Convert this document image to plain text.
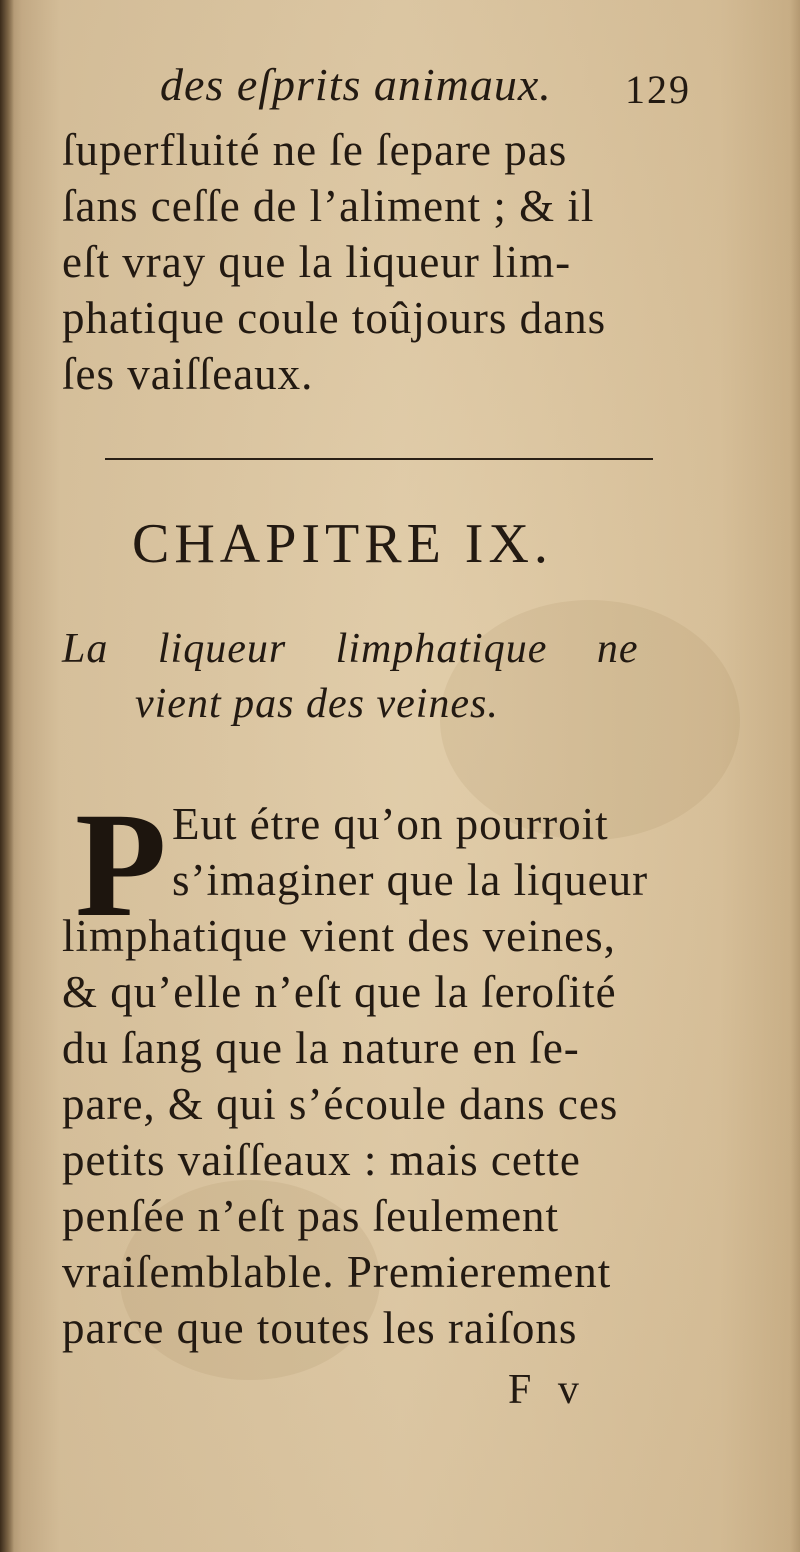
des eſprits animaux. 129
ſuperfluité ne ſe ſepare pas
ſans ceſſe de l’aliment ; & il
eſt vray que la liqueur lim-
phatique coule toûjours dans
ſes vaiſſeaux.
CHAPITRE IX.
La liqueur limphatique ne
vient pas des veines.
P Eut étre qu’on pourroit
s’imaginer que la liqueur
limphatique vient des veines,
& qu’elle n’eſt que la ſeroſité
du ſang que la nature en ſe-
pare, & qui s’écoule dans ces
petits vaiſſeaux : mais cette
penſée n’eſt pas ſeulement
vraiſemblable. Premierement
parce que toutes les raiſons
F v
